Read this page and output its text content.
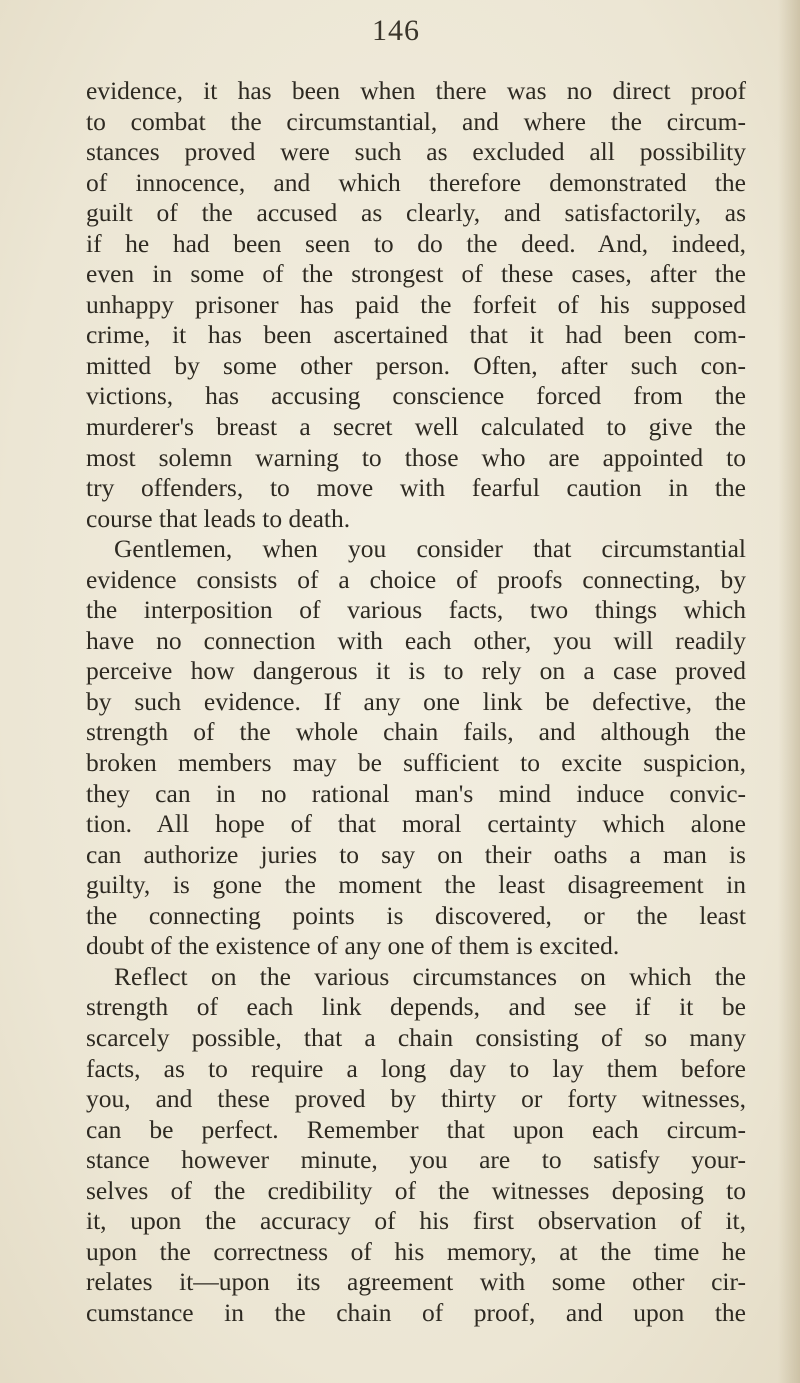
146
evidence, it has been when there was no direct proof
to combat the circumstantial, and where the circum-
stances proved were such as excluded all possibility
of innocence, and which therefore demonstrated the
guilt of the accused as clearly, and satisfactorily, as
if he had been seen to do the deed. And, indeed,
even in some of the strongest of these cases, after the
unhappy prisoner has paid the forfeit of his supposed
crime, it has been ascertained that it had been com-
mitted by some other person. Often, after such con-
victions, has accusing conscience forced from the
murderer's breast a secret well calculated to give the
most solemn warning to those who are appointed to
try offenders, to move with fearful caution in the
course that leads to death.
Gentlemen, when you consider that circumstantial
evidence consists of a choice of proofs connecting, by
the interposition of various facts, two things which
have no connection with each other, you will readily
perceive how dangerous it is to rely on a case proved
by such evidence. If any one link be defective, the
strength of the whole chain fails, and although the
broken members may be sufficient to excite suspicion,
they can in no rational man's mind induce convic-
tion. All hope of that moral certainty which alone
can authorize juries to say on their oaths a man is
guilty, is gone the moment the least disagreement in
the connecting points is discovered, or the least
doubt of the existence of any one of them is excited.
Reflect on the various circumstances on which the
strength of each link depends, and see if it be
scarcely possible, that a chain consisting of so many
facts, as to require a long day to lay them before
you, and these proved by thirty or forty witnesses,
can be perfect. Remember that upon each circum-
stance however minute, you are to satisfy your-
selves of the credibility of the witnesses deposing to
it, upon the accuracy of his first observation of it,
upon the correctness of his memory, at the time he
relates it—upon its agreement with some other cir-
cumstance in the chain of proof, and upon the
